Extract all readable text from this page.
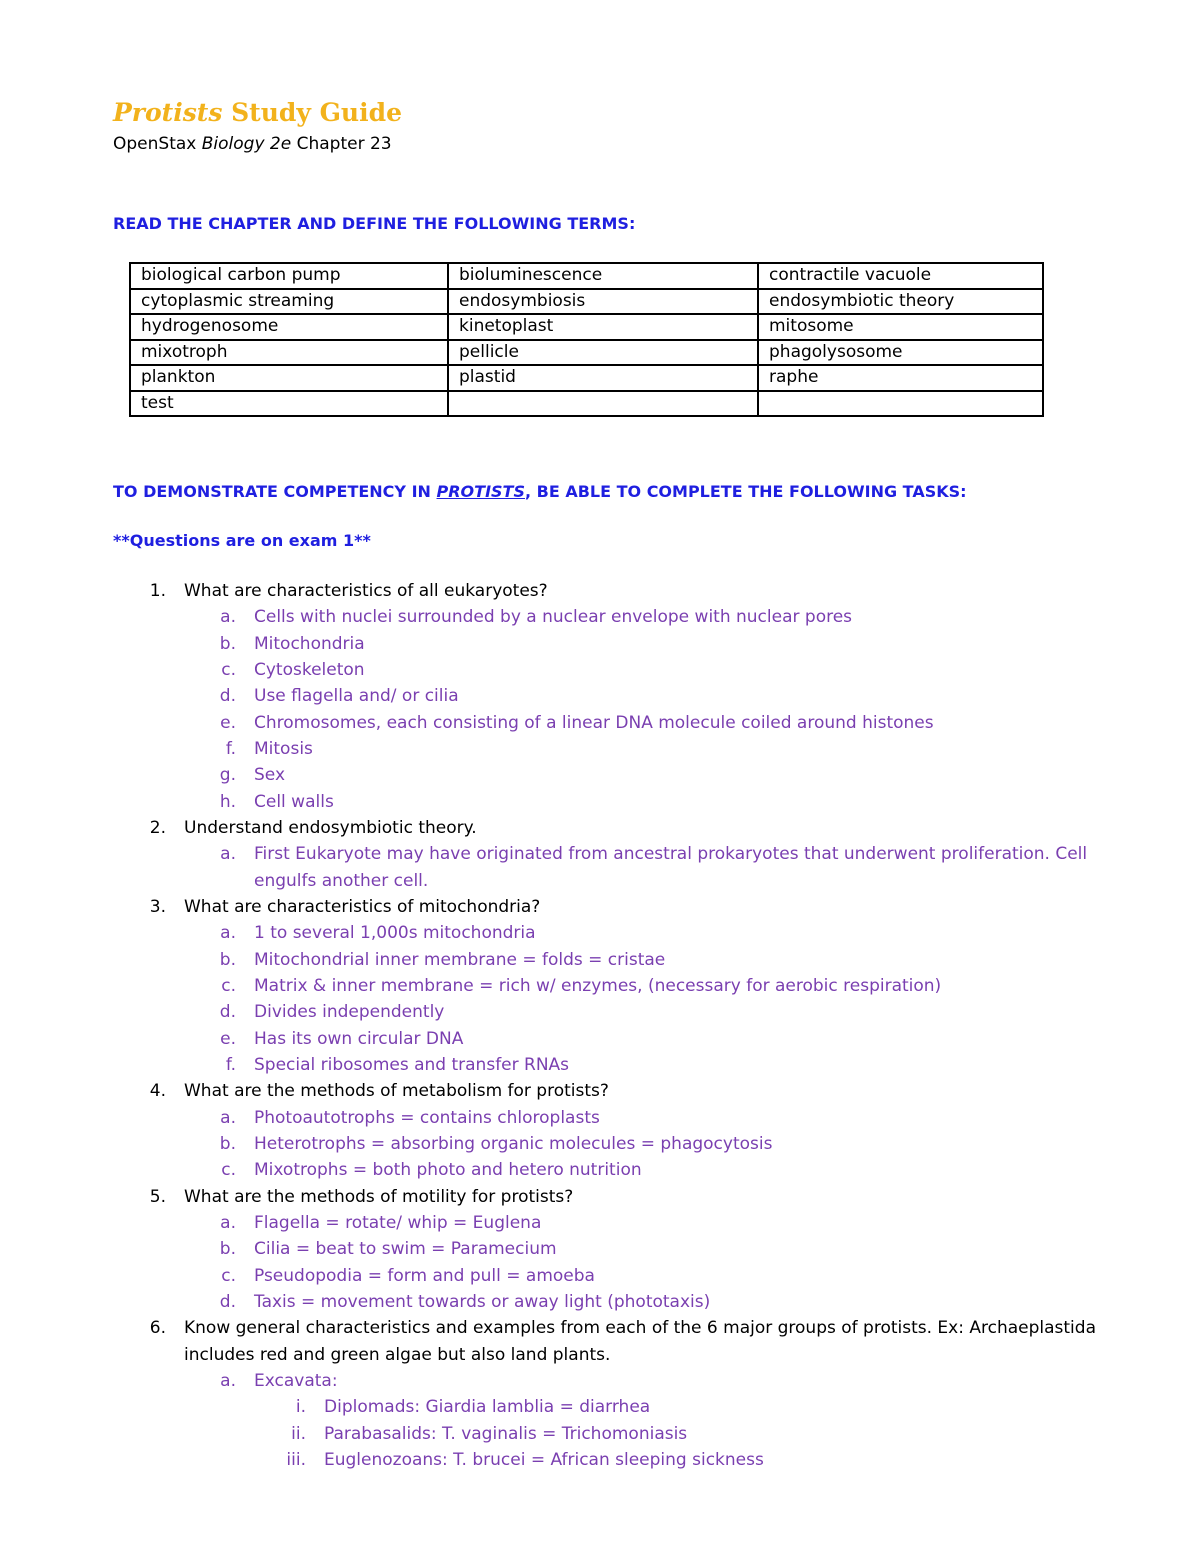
Protists Study Guide
OpenStax Biology 2e Chapter 23
READ THE CHAPTER AND DEFINE THE FOLLOWING TERMS:
biological carbon pump	bioluminescence	contractile vacuole
cytoplasmic streaming	endosymbiosis	endosymbiotic theory
hydrogenosome	kinetoplast	mitosome
mixotroph	pellicle	phagolysosome
plankton	plastid	raphe
test		
TO DEMONSTRATE COMPETENCY IN PROTISTS, BE ABLE TO COMPLETE THE FOLLOWING TASKS:
**Questions are on exam 1**
1. What are characteristics of all eukaryotes?
a. Cells with nuclei surrounded by a nuclear envelope with nuclear pores
b. Mitochondria
c. Cytoskeleton
d. Use flagella and/ or cilia
e. Chromosomes, each consisting of a linear DNA molecule coiled around histones
f. Mitosis
g. Sex
h. Cell walls
2. Understand endosymbiotic theory.
a. First Eukaryote may have originated from ancestral prokaryotes that underwent proliferation. Cell
engulfs another cell.
3. What are characteristics of mitochondria?
a. 1 to several 1,000s mitochondria
b. Mitochondrial inner membrane = folds = cristae
c. Matrix & inner membrane = rich w/ enzymes, (necessary for aerobic respiration)
d. Divides independently
e. Has its own circular DNA
f. Special ribosomes and transfer RNAs
4. What are the methods of metabolism for protists?
a. Photoautotrophs = contains chloroplasts
b. Heterotrophs = absorbing organic molecules = phagocytosis
c. Mixotrophs = both photo and hetero nutrition
5. What are the methods of motility for protists?
a. Flagella = rotate/ whip = Euglena
b. Cilia = beat to swim = Paramecium
c. Pseudopodia = form and pull = amoeba
d. Taxis = movement towards or away light (phototaxis)
6. Know general characteristics and examples from each of the 6 major groups of protists. Ex: Archaeplastida
includes red and green algae but also land plants.
a. Excavata:
i. Diplomads: Giardia lamblia = diarrhea
ii. Parabasalids: T. vaginalis = Trichomoniasis
iii. Euglenozoans: T. brucei = African sleeping sickness
